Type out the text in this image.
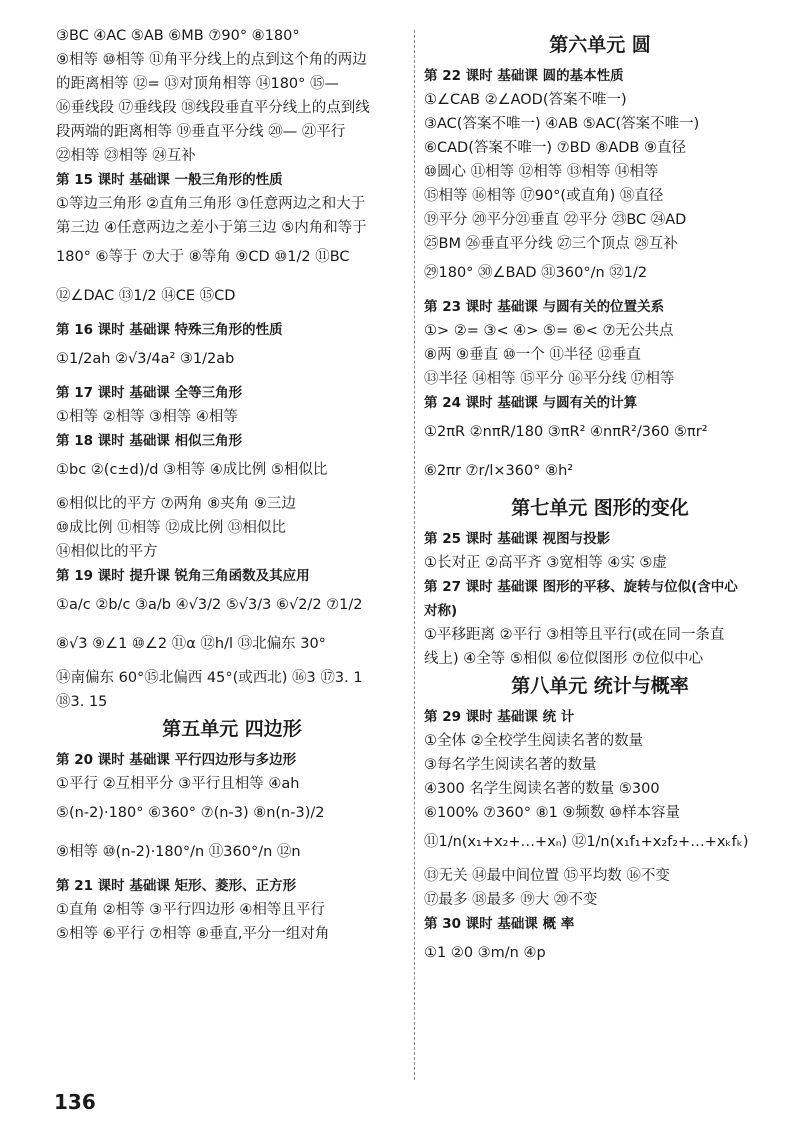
③BC ④AC ⑤AB ⑥MB ⑦90° ⑧180°
⑨相等 ⑩相等 ⑪角平分线上的点到这个角的两边
的距离相等 ⑫= ⑬对顶角相等 ⑭180° ⑮—
⑯垂线段 ⑰垂线段 ⑱线段垂直平分线上的点到线
段两端的距离相等 ⑲垂直平分线 ⑳— ㉑平行
㉒相等 ㉓相等 ㉔互补
第 15 课时 基础课 一般三角形的性质
①等边三角形 ②直角三角形 ③任意两边之和大于
第三边 ④任意两边之差小于第三边 ⑤内角和等于
180° ⑥等于 ⑦大于 ⑧等角 ⑨CD ⑩1/2 ⑪BC
⑫∠DAC ⑬1/2 ⑭CE ⑮CD
第 16 课时 基础课 特殊三角形的性质
①1/2ah ②√3/4a² ③1/2ab
第 17 课时 基础课 全等三角形
①相等 ②相等 ③相等 ④相等
第 18 课时 基础课 相似三角形
①bc ②(c±d)/d ③相等 ④成比例 ⑤相似比
⑥相似比的平方 ⑦两角 ⑧夹角 ⑨三边
⑩成比例 ⑪相等 ⑫成比例 ⑬相似比
⑭相似比的平方
第 19 课时 提升课 锐角三角函数及其应用
①a/c ②b/c ③a/b ④√3/2 ⑤√3/3 ⑥√2/2 ⑦1/2
⑧√3 ⑨∠1 ⑩∠2 ⑪α ⑫h/l ⑬北偏东 30°
⑭南偏东 60°⑮北偏西 45°(或西北) ⑯3 ⑰3. 1
⑱3. 15
第五单元 四边形
第 20 课时 基础课 平行四边形与多边形
①平行 ②互相平分 ③平行且相等 ④ah
⑤(n-2)·180° ⑥360° ⑦(n-3) ⑧n(n-3)/2
⑨相等 ⑩(n-2)·180°/n ⑪360°/n ⑫n
第 21 课时 基础课 矩形、菱形、正方形
①直角 ②相等 ③平行四边形 ④相等且平行
⑤相等 ⑥平行 ⑦相等 ⑧垂直,平分一组对角
第六单元 圆
第 22 课时 基础课 圆的基本性质
①∠CAB ②∠AOD(答案不唯一)
③AC(答案不唯一) ④AB ⑤AC(答案不唯一)
⑥CAD(答案不唯一) ⑦BD ⑧ADB ⑨直径
⑩圆心 ⑪相等 ⑫相等 ⑬相等 ⑭相等
⑮相等 ⑯相等 ⑰90°(或直角) ⑱直径
⑲平分 ⑳平分㉑垂直 ㉒平分 ㉓BC ㉔AD
㉕BM ㉖垂直平分线 ㉗三个顶点 ㉘互补
㉙180° ㉚∠BAD ㉛360°/n ㉜1/2
第 23 课时 基础课 与圆有关的位置关系
①> ②= ③< ④> ⑤= ⑥< ⑦无公共点
⑧两 ⑨垂直 ⑩一个 ⑪半径 ⑫垂直
⑬半径 ⑭相等 ⑮平分 ⑯平分线 ⑰相等
第 24 课时 基础课 与圆有关的计算
①2πR ②nπR/180 ③πR² ④nπR²/360 ⑤πr²
⑥2πr ⑦r/l×360° ⑧h²
第七单元 图形的变化
第 25 课时 基础课 视图与投影
①长对正 ②高平齐 ③宽相等 ④实 ⑤虚
第 27 课时 基础课 图形的平移、旋转与位似(含中心
对称)
①平移距离 ②平行 ③相等且平行(或在同一条直
线上) ④全等 ⑤相似 ⑥位似图形 ⑦位似中心
第八单元 统计与概率
第 29 课时 基础课 统 计
①全体 ②全校学生阅读名著的数量
③每名学生阅读名著的数量
④300 名学生阅读名著的数量 ⑤300
⑥100% ⑦360° ⑧1 ⑨频数 ⑩样本容量
⑪1/n(x₁+x₂+…+xₙ) ⑫1/n(x₁f₁+x₂f₂+…+xₖfₖ)
⑬无关 ⑭最中间位置 ⑮平均数 ⑯不变
⑰最多 ⑱最多 ⑲大 ⑳不变
第 30 课时 基础课 概 率
①1 ②0 ③m/n ④p
136
